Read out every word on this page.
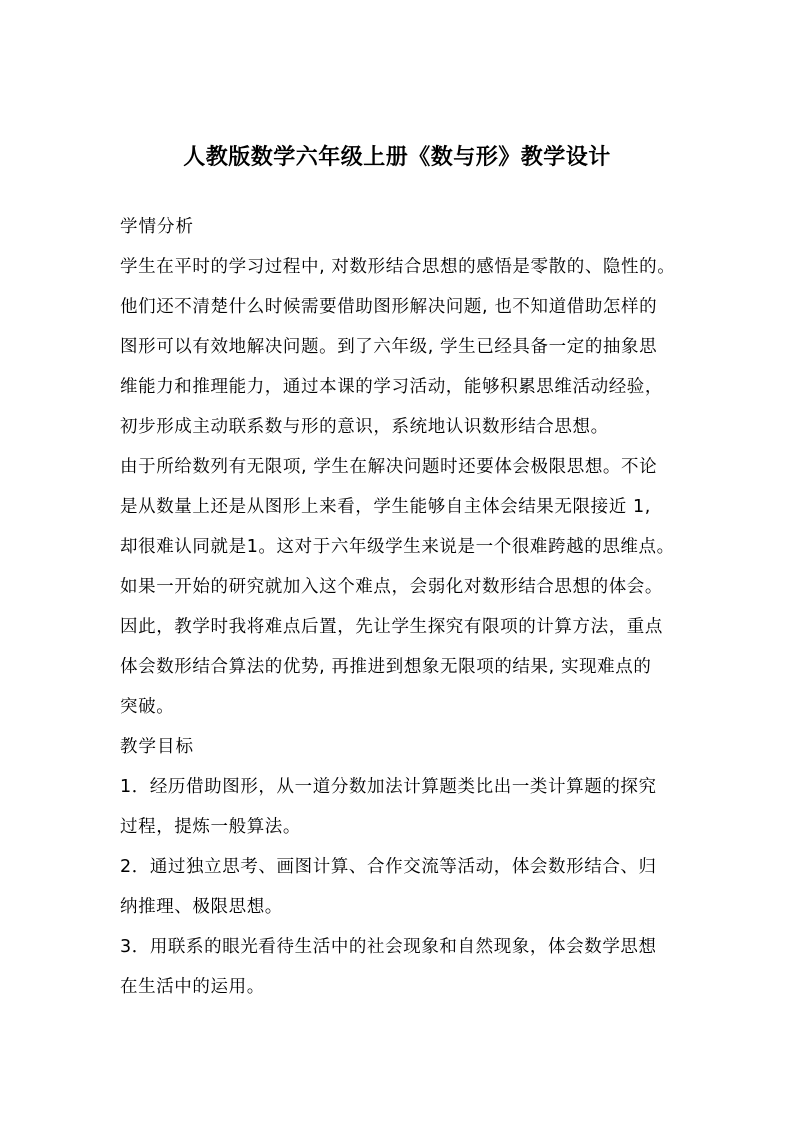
人教版数学六年级上册《数与形》教学设计
学情分析
学生在平时的学习过程中, 对数形结合思想的感悟是零散的、隐性的。
他们还不清楚什么时候需要借助图形解决问题, 也不知道借助怎样的
图形可以有效地解决问题。到了六年级, 学生已经具备一定的抽象思
维能力和推理能力，通过本课的学习活动，能够积累思维活动经验，
初步形成主动联系数与形的意识，系统地认识数形结合思想。
由于所给数列有无限项, 学生在解决问题时还要体会极限思想。不论
是从数量上还是从图形上来看，学生能够自主体会结果无限接近 1,
却很难认同就是1。这对于六年级学生来说是一个很难跨越的思维点。
如果一开始的研究就加入这个难点，会弱化对数形结合思想的体会。
因此，教学时我将难点后置，先让学生探究有限项的计算方法，重点
体会数形结合算法的优势, 再推进到想象无限项的结果, 实现难点的
突破。
教学目标
1．经历借助图形，从一道分数加法计算题类比出一类计算题的探究
过程，提炼一般算法。
2．通过独立思考、画图计算、合作交流等活动，体会数形结合、归
纳推理、极限思想。
3．用联系的眼光看待生活中的社会现象和自然现象，体会数学思想
在生活中的运用。
